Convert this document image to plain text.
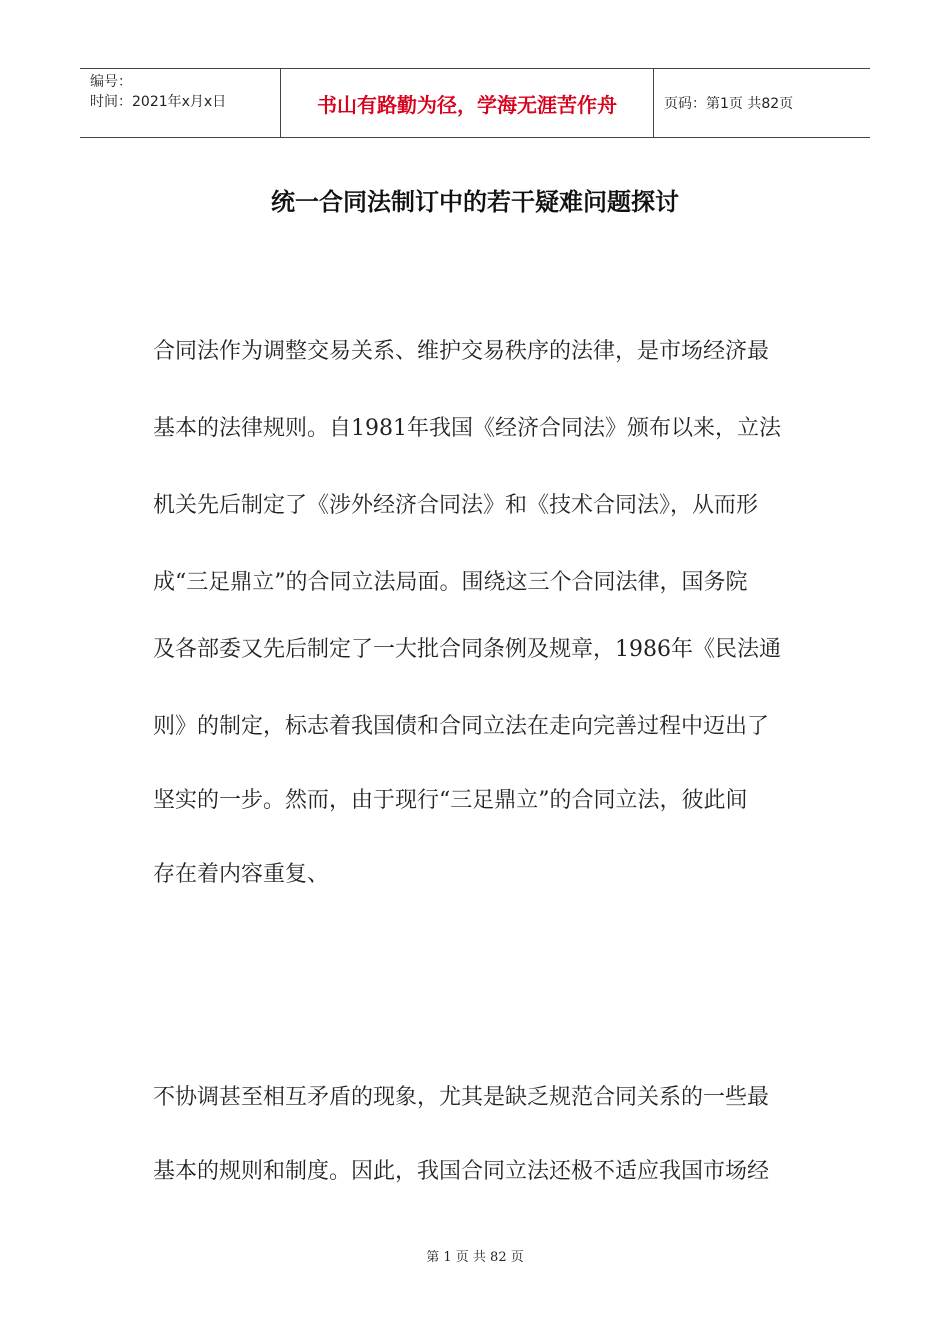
编号：
时间：2021年x月x日	书山有路勤为径，学海无涯苦作舟	页码：第1页 共82页
统一合同法制订中的若干疑难问题探讨
合同法作为调整交易关系、维护交易秩序的法律，是市场经济最
基本的法律规则。自1981年我国《经济合同法》颁布以来，立法
机关先后制定了《涉外经济合同法》和《技术合同法》，从而形
成“三足鼎立”的合同立法局面。围绕这三个合同法律，国务院
及各部委又先后制定了一大批合同条例及规章，1986年《民法通
则》的制定，标志着我国债和合同立法在走向完善过程中迈出了
坚实的一步。然而，由于现行“三足鼎立”的合同立法，彼此间
存在着内容重复、
不协调甚至相互矛盾的现象，尤其是缺乏规范合同关系的一些最
基本的规则和制度。因此，我国合同立法还极不适应我国市场经
第 1 页 共 82 页
